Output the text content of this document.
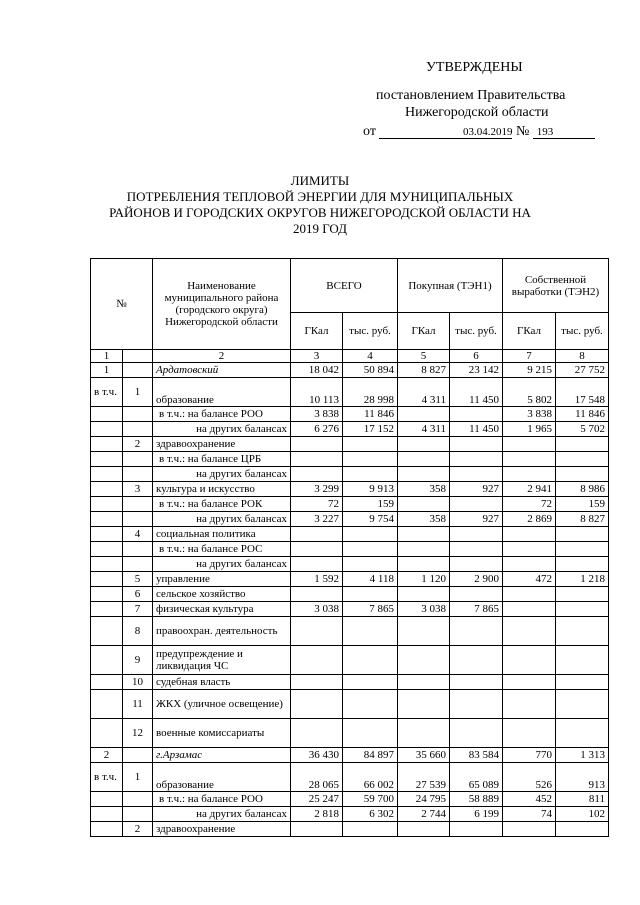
УТВЕРЖДЕНЫ
постановлением Правительства
Нижегородской области
от	03.04.2019 № 193
ЛИМИТЫ
ПОТРЕБЛЕНИЯ ТЕПЛОВОЙ ЭНЕРГИИ ДЛЯ МУНИЦИПАЛЬНЫХ
РАЙОНОВ И ГОРОДСКИХ ОКРУГОВ НИЖЕГОРОДСКОЙ ОБЛАСТИ НА
2019 ГОД
№		Наименование муниципального района (городского округа) Нижегородской области	ВСЕГО		Покупная (ТЭН1)		Собственной выработки (ТЭН2)	
			ГКал	тыс. руб.	ГКал	тыс. руб.	ГКал	тыс. руб.
1		2	3	4	5	6	7	8
1		Ардатовский	18 042	50 894	8 827	23 142	9 215	27 752
в т.ч.	1	образование	10 113	28 998	4 311	11 450	5 802	17 548
		в т.ч.: на балансе РОО	3 838	11 846			3 838	11 846
		на других балансах	6 276	17 152	4 311	11 450	1 965	5 702
	2	здравоохранение						
		в т.ч.: на балансе ЦРБ						
		на других балансах						
	3	культура и искусство	3 299	9 913	358	927	2 941	8 986
		в т.ч.: на балансе РОК	72	159			72	159
		на других балансах	3 227	9 754	358	927	2 869	8 827
	4	социальная политика						
		в т.ч.: на балансе РОС						
		на других балансах						
	5	управление	1 592	4 118	1 120	2 900	472	1 218
	6	сельское хозяйство						
	7	физическая культура	3 038	7 865	3 038	7 865		
	8	правоохран. деятельность						
	9	предупреждение и ликвидация ЧС						
	10	судебная власть						
	11	ЖКХ (уличное освещение)						
	12	военные комиссариаты						
2		г.Арзамас	36 430	84 897	35 660	83 584	770	1 313
в т.ч.	1	образование	28 065	66 002	27 539	65 089	526	913
		в т.ч.: на балансе РОО	25 247	59 700	24 795	58 889	452	811
		на других балансах	2 818	6 302	2 744	6 199	74	102
	2	здравоохранение						
